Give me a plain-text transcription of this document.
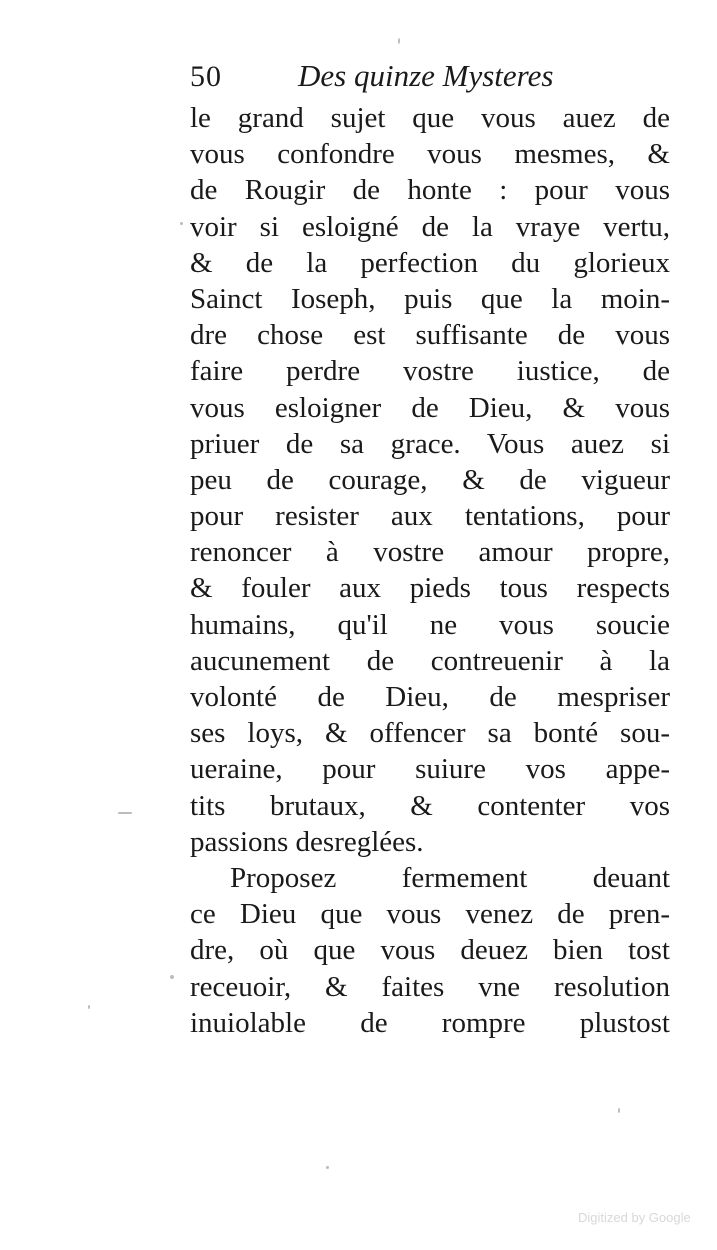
50 Des quinze Mysteres
le grand sujet que vous auez de
vous confondre vous mesmes, &
de Rougir de honte : pour vous
voir si esloigné de la vraye vertu,
& de la perfection du glorieux
Sainct Ioseph, puis que la moin-
dre chose est suffisante de vous
faire perdre vostre iustice, de
vous esloigner de Dieu, & vous
priuer de sa grace. Vous auez si
peu de courage, & de vigueur
pour resister aux tentations, pour
renoncer à vostre amour propre,
& fouler aux pieds tous respects
humains, qu'il ne vous soucie
aucunement de contreuenir à la
volonté de Dieu, de mespriser
ses loys, & offencer sa bonté sou-
ueraine, pour suiure vos appe-
tits brutaux, & contenter vos
passions desreglées.
Proposez fermement deuant
ce Dieu que vous venez de pren-
dre, où que vous deuez bien tost
receuoir, & faites vne resolution
inuiolable de rompre plustost
Digitized by Google
